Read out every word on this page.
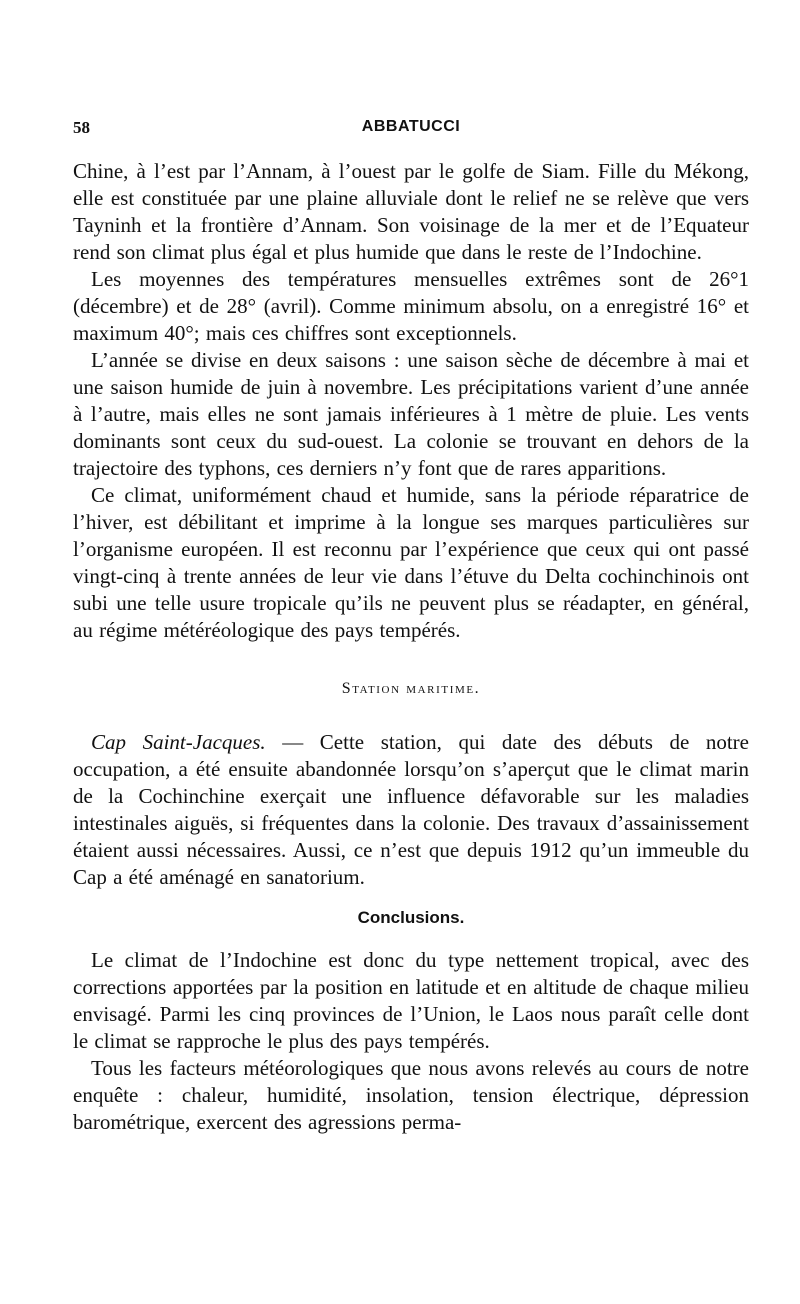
58	ABBATUCCI

Chine, à l’est par l’Annam, à l’ouest par le golfe de Siam. Fille du Mékong, elle est constituée par une plaine alluviale dont le relief ne se relève que vers Tayninh et la frontière d’Annam. Son voisinage de la mer et de l’Equateur rend son climat plus égal et plus humide que dans le reste de l’Indochine.

Les moyennes des températures mensuelles extrêmes sont de 26°1 (décembre) et de 28° (avril). Comme minimum absolu, on a enregistré 16° et maximum 40°; mais ces chiffres sont exceptionnels.

L’année se divise en deux saisons : une saison sèche de décembre à mai et une saison humide de juin à novembre. Les précipitations varient d’une année à l’autre, mais elles ne sont jamais inférieures à 1 mètre de pluie. Les vents dominants sont ceux du sud-ouest. La colonie se trouvant en dehors de la trajectoire des typhons, ces derniers n’y font que de rares apparitions.

Ce climat, uniformément chaud et humide, sans la période réparatrice de l’hiver, est débilitant et imprime à la longue ses marques particulières sur l’organisme européen. Il est reconnu par l’expérience que ceux qui ont passé vingt-cinq à trente années de leur vie dans l’étuve du Delta cochinchinois ont subi une telle usure tropicale qu’ils ne peuvent plus se réadapter, en général, au régime météréologique des pays tempérés.

Station maritime.

Cap Saint-Jacques. — Cette station, qui date des débuts de notre occupation, a été ensuite abandonnée lorsqu’on s’aperçut que le climat marin de la Cochinchine exerçait une influence défavorable sur les maladies intestinales aiguës, si fréquentes dans la colonie. Des travaux d’assainissement étaient aussi nécessaires. Aussi, ce n’est que depuis 1912 qu’un immeuble du Cap a été aménagé en sanatorium.

Conclusions.

Le climat de l’Indochine est donc du type nettement tropical, avec des corrections apportées par la position en latitude et en altitude de chaque milieu envisagé. Parmi les cinq provinces de l’Union, le Laos nous paraît celle dont le climat se rapproche le plus des pays tempérés.

Tous les facteurs météorologiques que nous avons relevés au cours de notre enquête : chaleur, humidité, insolation, tension électrique, dépression barométrique, exercent des agressions perma-
